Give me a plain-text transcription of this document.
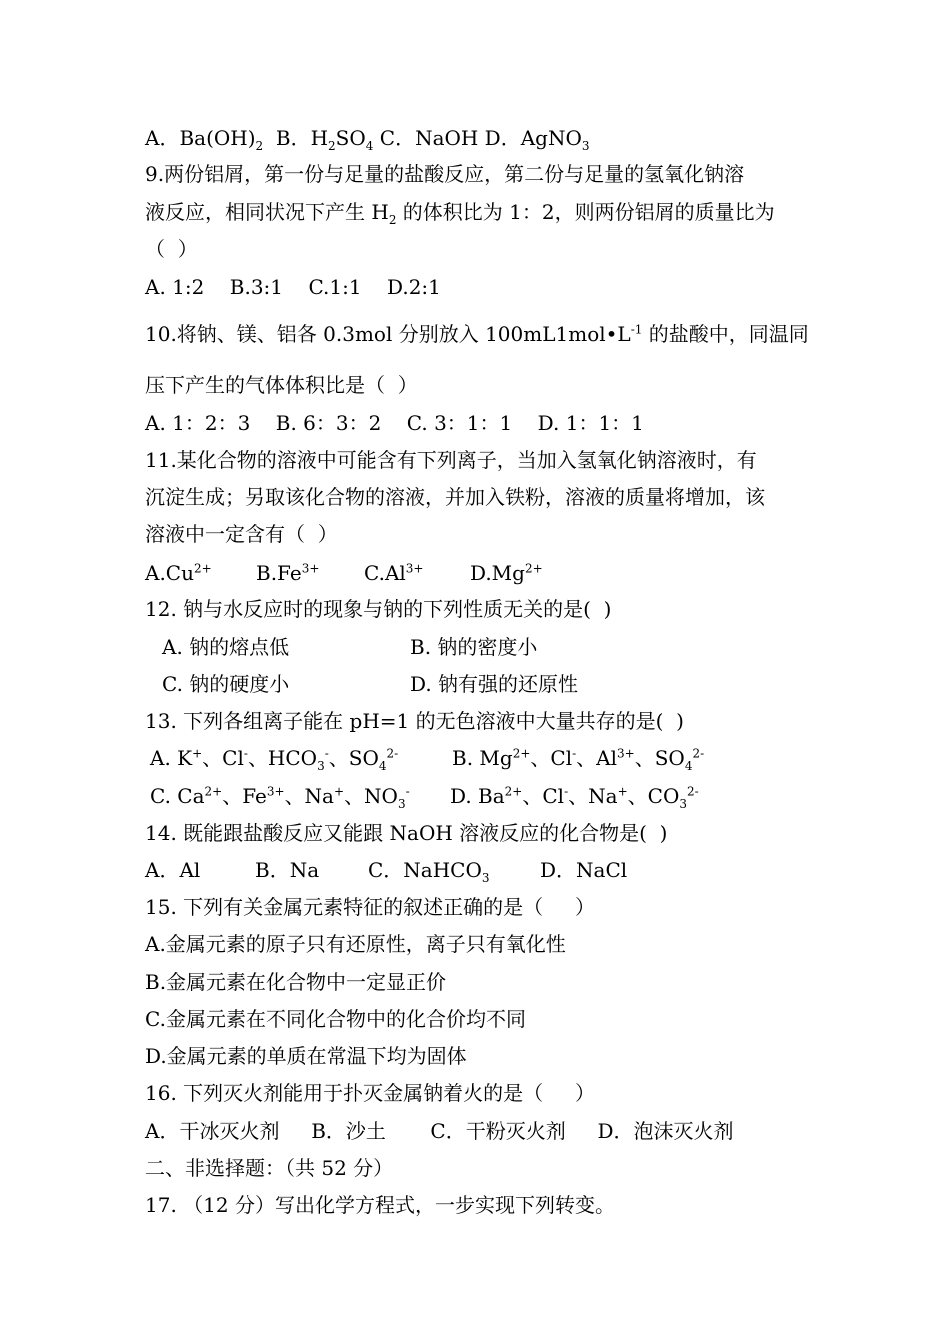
A．$Ba(OH)_2$  B．$H_2SO_4$ C．NaOH D．AgNO$_3$
9.两份铝屑，第一份与足量的盐酸反应，第二份与足量的氢氧化钠溶
液反应，相同状况下产生 $H_2$ 的体积比为 1：2，则两份铝屑的质量比为
（  ）
A. 1:2    B.3:1    C.1:1    D.2:1
10.将钠、镁、铝各 0.3mol 分别放入 $100mL1mol•L^{-1}$ 的盐酸中，同温同
压下产生的气体体积比是（  ）
A. 1：2：3    B. 6：3：2    C. 3：1：1    D. 1：1：1
11.某化合物的溶液中可能含有下列离子，当加入氢氧化钠溶液时，有
沉淀生成；另取该化合物的溶液，并加入铁粉，溶液的质量将增加，该
溶液中一定含有（  ）
$A.Cu^{2+}$ $B.Fe^{3+}$ $C.Al^{3+}$ $D.Mg^{2+}$
12. 钠与水反应时的现象与钠的下列性质无关的是(  )
A. 钠的熔点低	B. 钠的密度小
C. 钠的硬度小	D. 钠有强的还原性
13. 下列各组离子能在 pH=1 的无色溶液中大量共存的是(  )
A. K+、Cl-、$HCO_3^-$、$SO_4^{2-}$	B. $Mg^{2+}$、Cl-、$Al^{3+}$、$SO_4^{2-}$
C. $Ca^{2+}$、$Fe^{3+}$、Na+、$NO_3^-$ D. $Ba^{2+}$、Cl-、Na+、$CO_3^{2-}$
14. 既能跟盐酸反应又能跟 NaOH 溶液反应的化合物是(  )
A．Al	B．Na C．NaHCO$_3$	D．NaCl
15. 下列有关金属元素特征的叙述正确的是（     ）
A.金属元素的原子只有还原性，离子只有氧化性
B.金属元素在化合物中一定显正价
C.金属元素在不同化合物中的化合价均不同
D.金属元素的单质在常温下均为固体
16. 下列灭火剂能用于扑灭金属钠着火的是（     ）
A．干冰灭火剂     B．沙土       C．干粉灭火剂     D．泡沫灭火剂
二、非选择题：（共 52 分）
17. （12 分）写出化学方程式，一步实现下列转变。
